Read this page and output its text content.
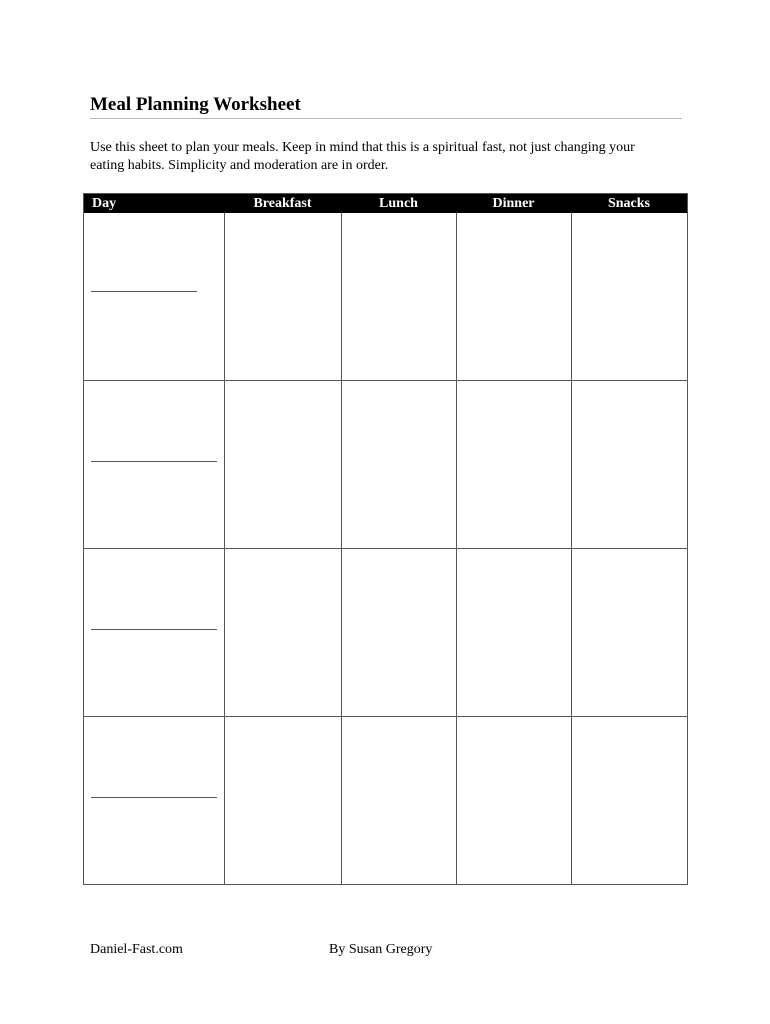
Meal Planning Worksheet
Use this sheet to plan your meals. Keep in mind that this is a spiritual fast, not just changing your
eating habits. Simplicity and moderation are in order.
Day	Breakfast	Lunch	Dinner	Snacks
Daniel-Fast.com	By Susan Gregory
